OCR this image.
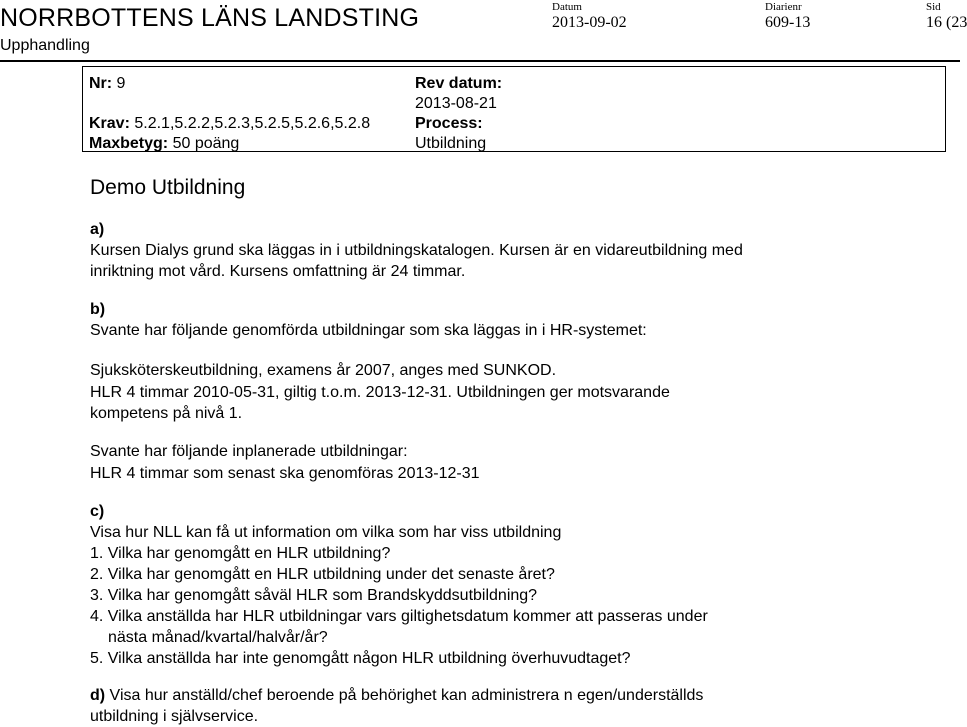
NORRBOTTENS LÄNS LANDSTING
Upphandling
Datum
2013-09-02
Diarienr
609-13
Sid
16 (23
Nr: 9
Krav: 5.2.1,5.2.2,5.2.3,5.2.5,5.2.6,5.2.8
Maxbetyg: 50 poäng
Rev datum:
2013-08-21
Process:
Utbildning
Demo Utbildning
a)
Kursen Dialys grund ska läggas in i utbildningskatalogen. Kursen är en vidareutbildning med
inriktning mot vård. Kursens omfattning är 24 timmar.
b)
Svante har följande genomförda utbildningar som ska läggas in i HR-systemet:
Sjuksköterskeutbildning, examens år 2007, anges med SUNKOD.
HLR 4 timmar 2010-05-31, giltig t.o.m. 2013-12-31. Utbildningen ger motsvarande
kompetens på nivå 1.
Svante har följande inplanerade utbildningar:
HLR 4 timmar som senast ska genomföras 2013-12-31
c)
Visa hur NLL kan få ut information om vilka som har viss utbildning
1. Vilka har genomgått en HLR utbildning?
2. Vilka har genomgått en HLR utbildning under det senaste året?
3. Vilka har genomgått såväl HLR som Brandskyddsutbildning?
4. Vilka anställda har HLR utbildningar vars giltighetsdatum kommer att passeras under
nästa månad/kvartal/halvår/år?
5. Vilka anställda har inte genomgått någon HLR utbildning överhuvudtaget?
d) Visa hur anställd/chef beroende på behörighet kan administrera n egen/underställds
utbildning i självservice.
